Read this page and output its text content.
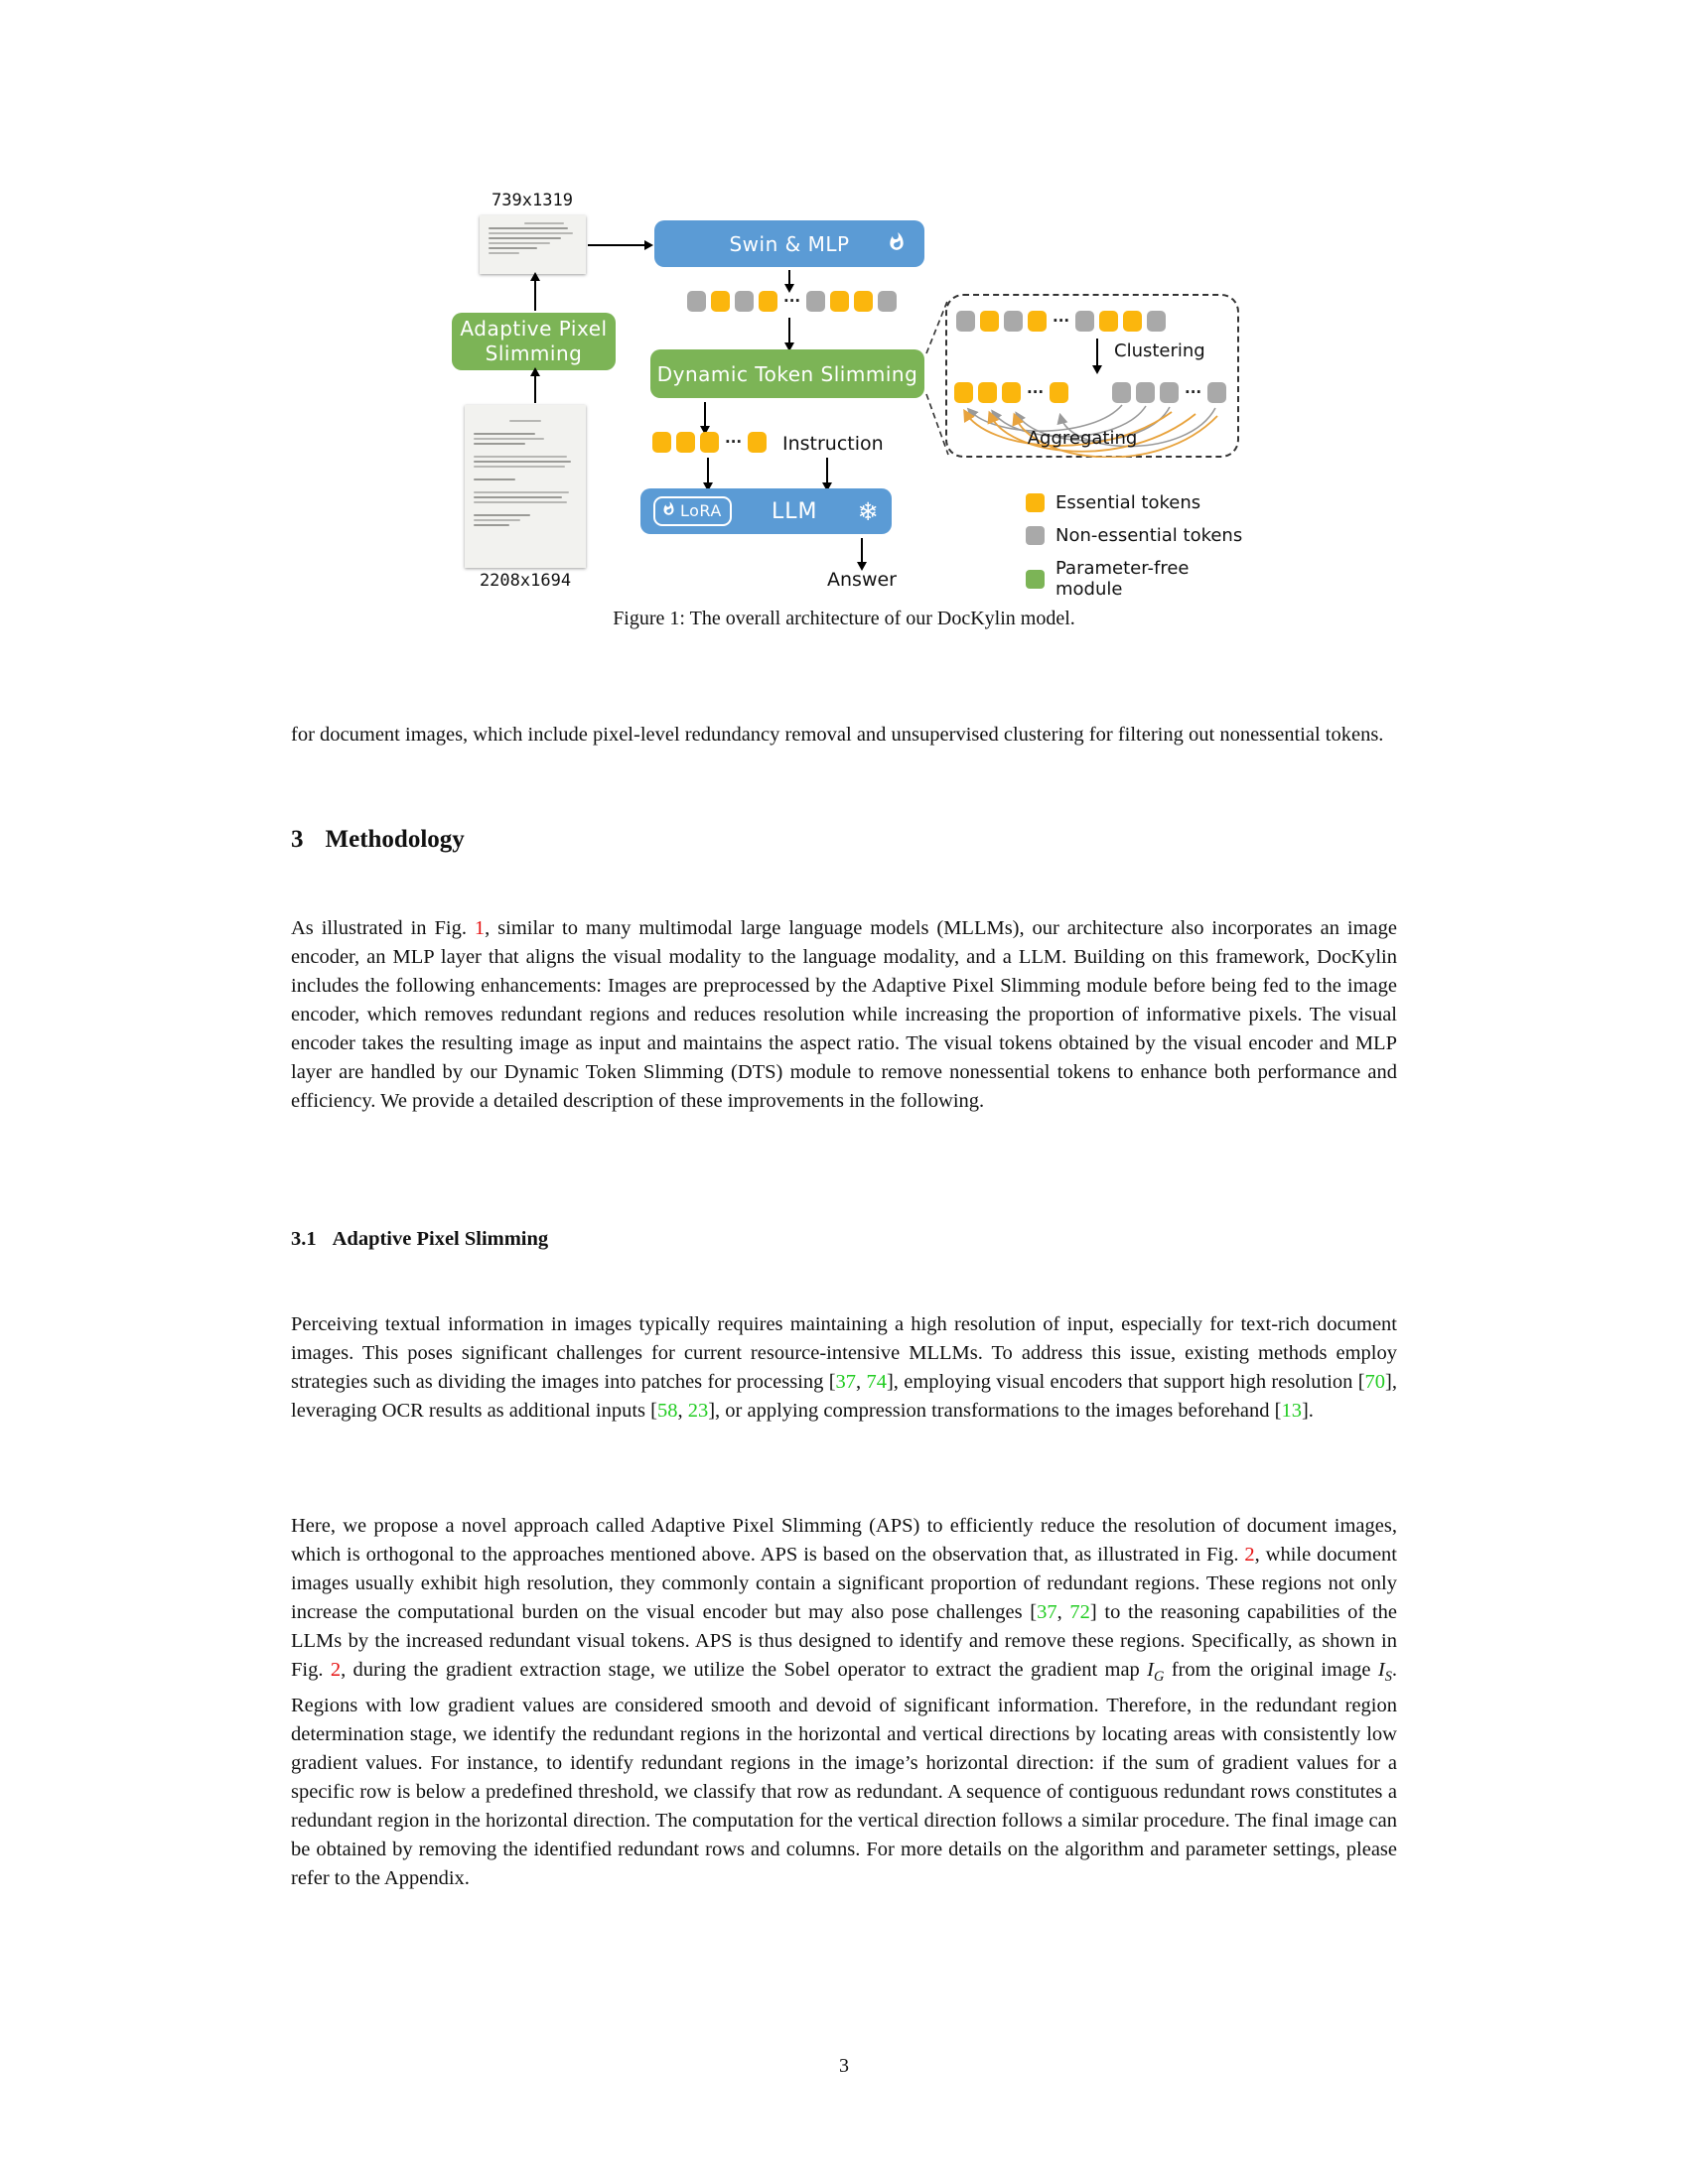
739x1319
Swin & MLP
···
Dynamic Token Slimming
··· Instruction
LoRA	LLM	❄
Answer
Adaptive Pixel
Slimming
2208x1694
···
Clustering
···	···
Aggregating
Essential tokens
Non-essential tokens
Parameter-free module
Figure 1: The overall architecture of our DocKylin model.

for document images, which include pixel-level redundancy removal and unsupervised clustering for filtering out nonessential tokens.

3 Methodology

As illustrated in Fig. 1, similar to many multimodal large language models (MLLMs), our architecture also incorporates an image encoder, an MLP layer that aligns the visual modality to the language modality, and a LLM. Building on this framework, DocKylin includes the following enhancements: Images are preprocessed by the Adaptive Pixel Slimming module before being fed to the image encoder, which removes redundant regions and reduces resolution while increasing the proportion of informative pixels. The visual encoder takes the resulting image as input and maintains the aspect ratio. The visual tokens obtained by the visual encoder and MLP layer are handled by our Dynamic Token Slimming (DTS) module to remove nonessential tokens to enhance both performance and efficiency. We provide a detailed description of these improvements in the following.

3.1 Adaptive Pixel Slimming

Perceiving textual information in images typically requires maintaining a high resolution of input, especially for text-rich document images. This poses significant challenges for current resource-intensive MLLMs. To address this issue, existing methods employ strategies such as dividing the images into patches for processing [37, 74], employing visual encoders that support high resolution [70], leveraging OCR results as additional inputs [58, 23], or applying compression transformations to the images beforehand [13].

Here, we propose a novel approach called Adaptive Pixel Slimming (APS) to efficiently reduce the resolution of document images, which is orthogonal to the approaches mentioned above. APS is based on the observation that, as illustrated in Fig. 2, while document images usually exhibit high resolution, they commonly contain a significant proportion of redundant regions. These regions not only increase the computational burden on the visual encoder but may also pose challenges [37, 72] to the reasoning capabilities of the LLMs by the increased redundant visual tokens. APS is thus designed to identify and remove these regions. Specifically, as shown in Fig. 2, during the gradient extraction stage, we utilize the Sobel operator to extract the gradient map $I_G$ from the original image $I_S$. Regions with low gradient values are considered smooth and devoid of significant information. Therefore, in the redundant region determination stage, we identify the redundant regions in the horizontal and vertical directions by locating areas with consistently low gradient values. For instance, to identify redundant regions in the image’s horizontal direction: if the sum of gradient values for a specific row is below a predefined threshold, we classify that row as redundant. A sequence of contiguous redundant rows constitutes a redundant region in the horizontal direction. The computation for the vertical direction follows a similar procedure. The final image can be obtained by removing the identified redundant rows and columns. For more details on the algorithm and parameter settings, please refer to the Appendix.

3
